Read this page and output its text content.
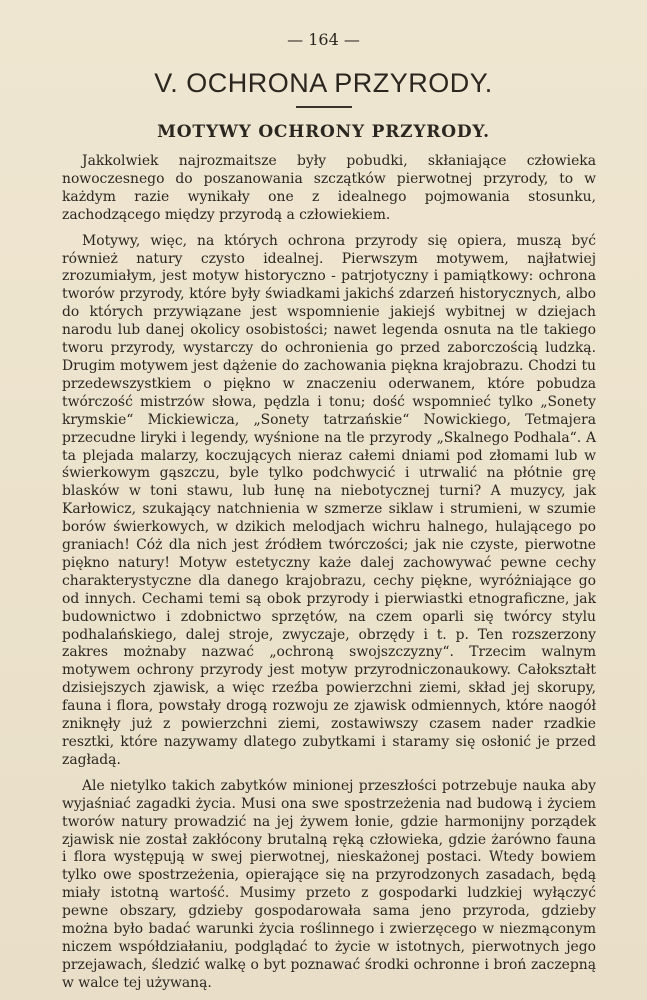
— 164 —
V. OCHRONA PRZYRODY.
MOTYWY OCHRONY PRZYRODY.

Jakkolwiek najrozmaitsze były pobudki, skłaniające człowieka nowoczesnego do poszanowania szczątków pierwotnej przyrody, to w każdym razie wynikały one z idealnego pojmowania stosunku, zachodzącego między przyrodą a człowiekiem.

Motywy, więc, na których ochrona przyrody się opiera, muszą być również natury czysto idealnej. Pierwszym motywem, najłatwiej zrozumiałym, jest motyw historyczno - patrjotyczny i pamiątkowy: ochrona tworów przyrody, które były świadkami jakichś zdarzeń historycznych, albo do których przywiązane jest wspomnienie jakiejś wybitnej w dziejach narodu lub danej okolicy osobistości; nawet legenda osnuta na tle takiego tworu przyrody, wystarczy do ochronienia go przed zaborczością ludzką. Drugim motywem jest dążenie do zachowania piękna krajobrazu. Chodzi tu przedewszystkiem o piękno w znaczeniu oderwanem, które pobudza twórczość mistrzów słowa, pędzla i tonu; dość wspomnieć tylko „Sonety krymskie“ Mickiewicza, „Sonety tatrzańskie“ Nowickiego, Tetmajera przecudne liryki i legendy, wyśnione na tle przyrody „Skalnego Podhala“. A ta plejada malarzy, koczujących nieraz całemi dniami pod złomami lub w świerkowym gąszczu, byle tylko podchwycić i utrwalić na płótnie grę blasków w toni stawu, lub łunę na niebotycznej turni? A muzycy, jak Karłowicz, szukający natchnienia w szmerze siklaw i strumieni, w szumie borów świerkowych, w dzikich melodjach wichru halnego, hulającego po graniach! Cóż dla nich jest źródłem twórczości; jak nie czyste, pierwotne piękno natury! Motyw estetyczny każe dalej zachowywać pewne cechy charakterystyczne dla danego krajobrazu, cechy piękne, wyróżniające go od innych. Cechami temi są obok przyrody i pierwiastki etnograficzne, jak budownictwo i zdobnictwo sprzętów, na czem oparli się twórcy stylu podhalańskiego, dalej stroje, zwyczaje, obrzędy i t. p. Ten rozszerzony zakres możnaby nazwać „ochroną swojszczyzny“. Trzecim walnym motywem ochrony przyrody jest motyw przyrodniczonaukowy. Całokształt dzisiejszych zjawisk, a więc rzeźba powierzchni ziemi, skład jej skorupy, fauna i flora, powstały drogą rozwoju ze zjawisk odmiennych, które naogół zniknęły już z powierzchni ziemi, zostawiwszy czasem nader rzadkie resztki, które nazywamy dlatego zubytkami i staramy się osłonić je przed zagładą.

Ale nietylko takich zabytków minionej przeszłości potrzebuje nauka aby wyjaśniać zagadki życia. Musi ona swe spostrzeżenia nad budową i życiem tworów natury prowadzić na jej żywem łonie, gdzie harmonijny porządek zjawisk nie został zakłócony brutalną ręką człowieka, gdzie żarówno fauna i flora występują w swej pierwotnej, nieskażonej postaci. Wtedy bowiem tylko owe spostrzeżenia, opierające się na przyrodzonych zasadach, będą miały istotną wartość. Musimy przeto z gospodarki ludzkiej wyłączyć pewne obszary, gdzieby gospodarowała sama jeno przyroda, gdzieby można było badać warunki życia roślinnego i zwierzęcego w niezmąconym niczem współdziałaniu, podglądać to życie w istotnych, pierwotnych jego przejawach, śledzić walkę o byt poznawać środki ochronne i broń zaczepną w walce tej używaną.
